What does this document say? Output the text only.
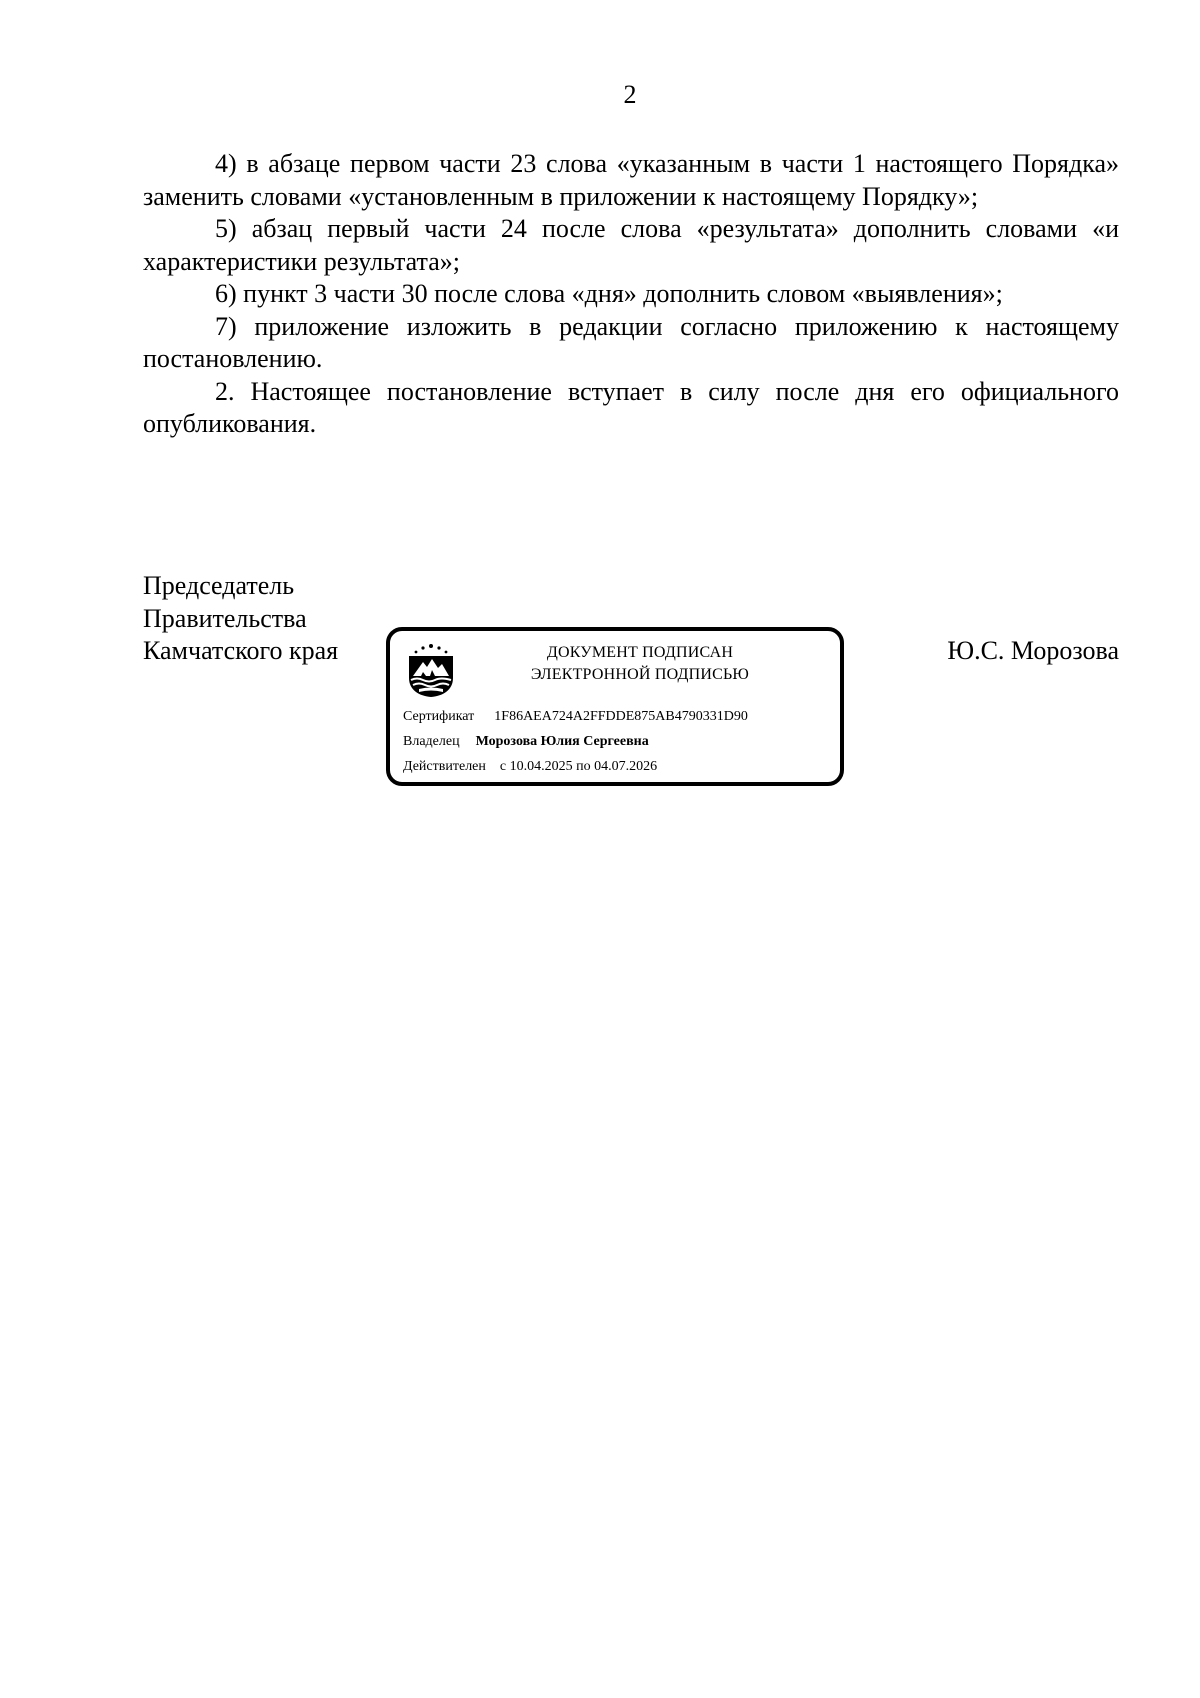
2

4) в абзаце первом части 23 слова «указанным в части 1 настоящего Порядка» заменить словами «установленным в приложении к настоящему Порядку»;

5) абзац первый части 24 после слова «результата» дополнить словами «и характеристики результата»;

6) пункт 3 части 30 после слова «дня» дополнить словом «выявления»;

7) приложение изложить в редакции согласно приложению к настоящему постановлению.

2. Настоящее постановление вступает в силу после дня его официального опубликования.

Председатель
Правительства
Камчатского края	ДОКУМЕНТ ПОДПИСАН
ЭЛЕКТРОННОЙ ПОДПИСЬЮ
Сертификат 1F86AEA724A2FFDDE875AB4790331D90
Владелец Морозова Юлия Сергеевна
Действителен с 10.04.2025 по 04.07.2026
Ю.С. Морозова
